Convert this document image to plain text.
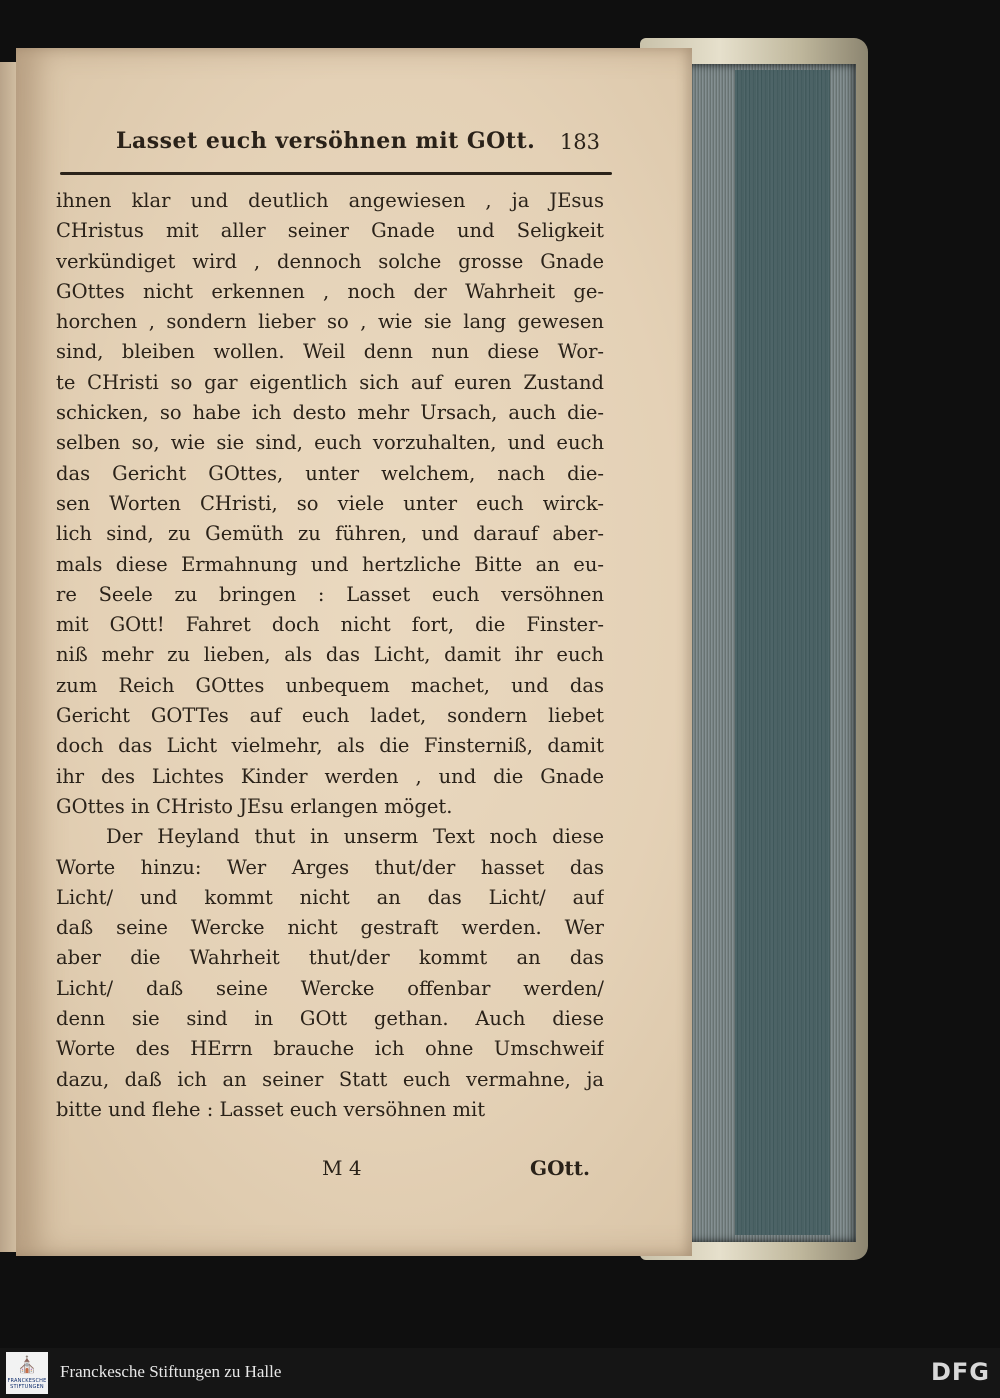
Lasset euch versöhnen mit GOtt. 183
ihnen klar und deutlich angewiesen , ja JEsus
CHristus mit aller seiner Gnade und Seligkeit
verkündiget wird , dennoch solche grosse Gnade
GOttes nicht erkennen , noch der Wahrheit ge-
horchen , sondern lieber so , wie sie lang gewesen
sind, bleiben wollen. Weil denn nun diese Wor-
te CHristi so gar eigentlich sich auf euren Zustand
schicken, so habe ich desto mehr Ursach, auch die-
selben so, wie sie sind, euch vorzuhalten, und euch
das Gericht GOttes, unter welchem, nach die-
sen Worten CHristi, so viele unter euch wirck-
lich sind, zu Gemüth zu führen, und darauf aber-
mals diese Ermahnung und hertzliche Bitte an eu-
re Seele zu bringen : Lasset euch versöhnen
mit GOtt! Fahret doch nicht fort, die Finster-
niß mehr zu lieben, als das Licht, damit ihr euch
zum Reich GOttes unbequem machet, und das
Gericht GOTTes auf euch ladet, sondern liebet
doch das Licht vielmehr, als die Finsterniß, damit
ihr des Lichtes Kinder werden , und die Gnade
GOttes in CHristo JEsu erlangen möget.
Der Heyland thut in unserm Text noch diese
Worte hinzu: Wer Arges thut/der hasset das
Licht/ und kommt nicht an das Licht/ auf
daß seine Wercke nicht gestraft werden. Wer
aber die Wahrheit thut/der kommt an das
Licht/ daß seine Wercke offenbar werden/
denn sie sind in GOtt gethan. Auch diese
Worte des HErrn brauche ich ohne Umschweif
dazu, daß ich an seiner Statt euch vermahne, ja
bitte und flehe : Lasset euch versöhnen mit
M 4	GOtt.
⛪
FRANCKESCHE STIFTUNGEN
Franckesche Stiftungen zu Halle	DFG
